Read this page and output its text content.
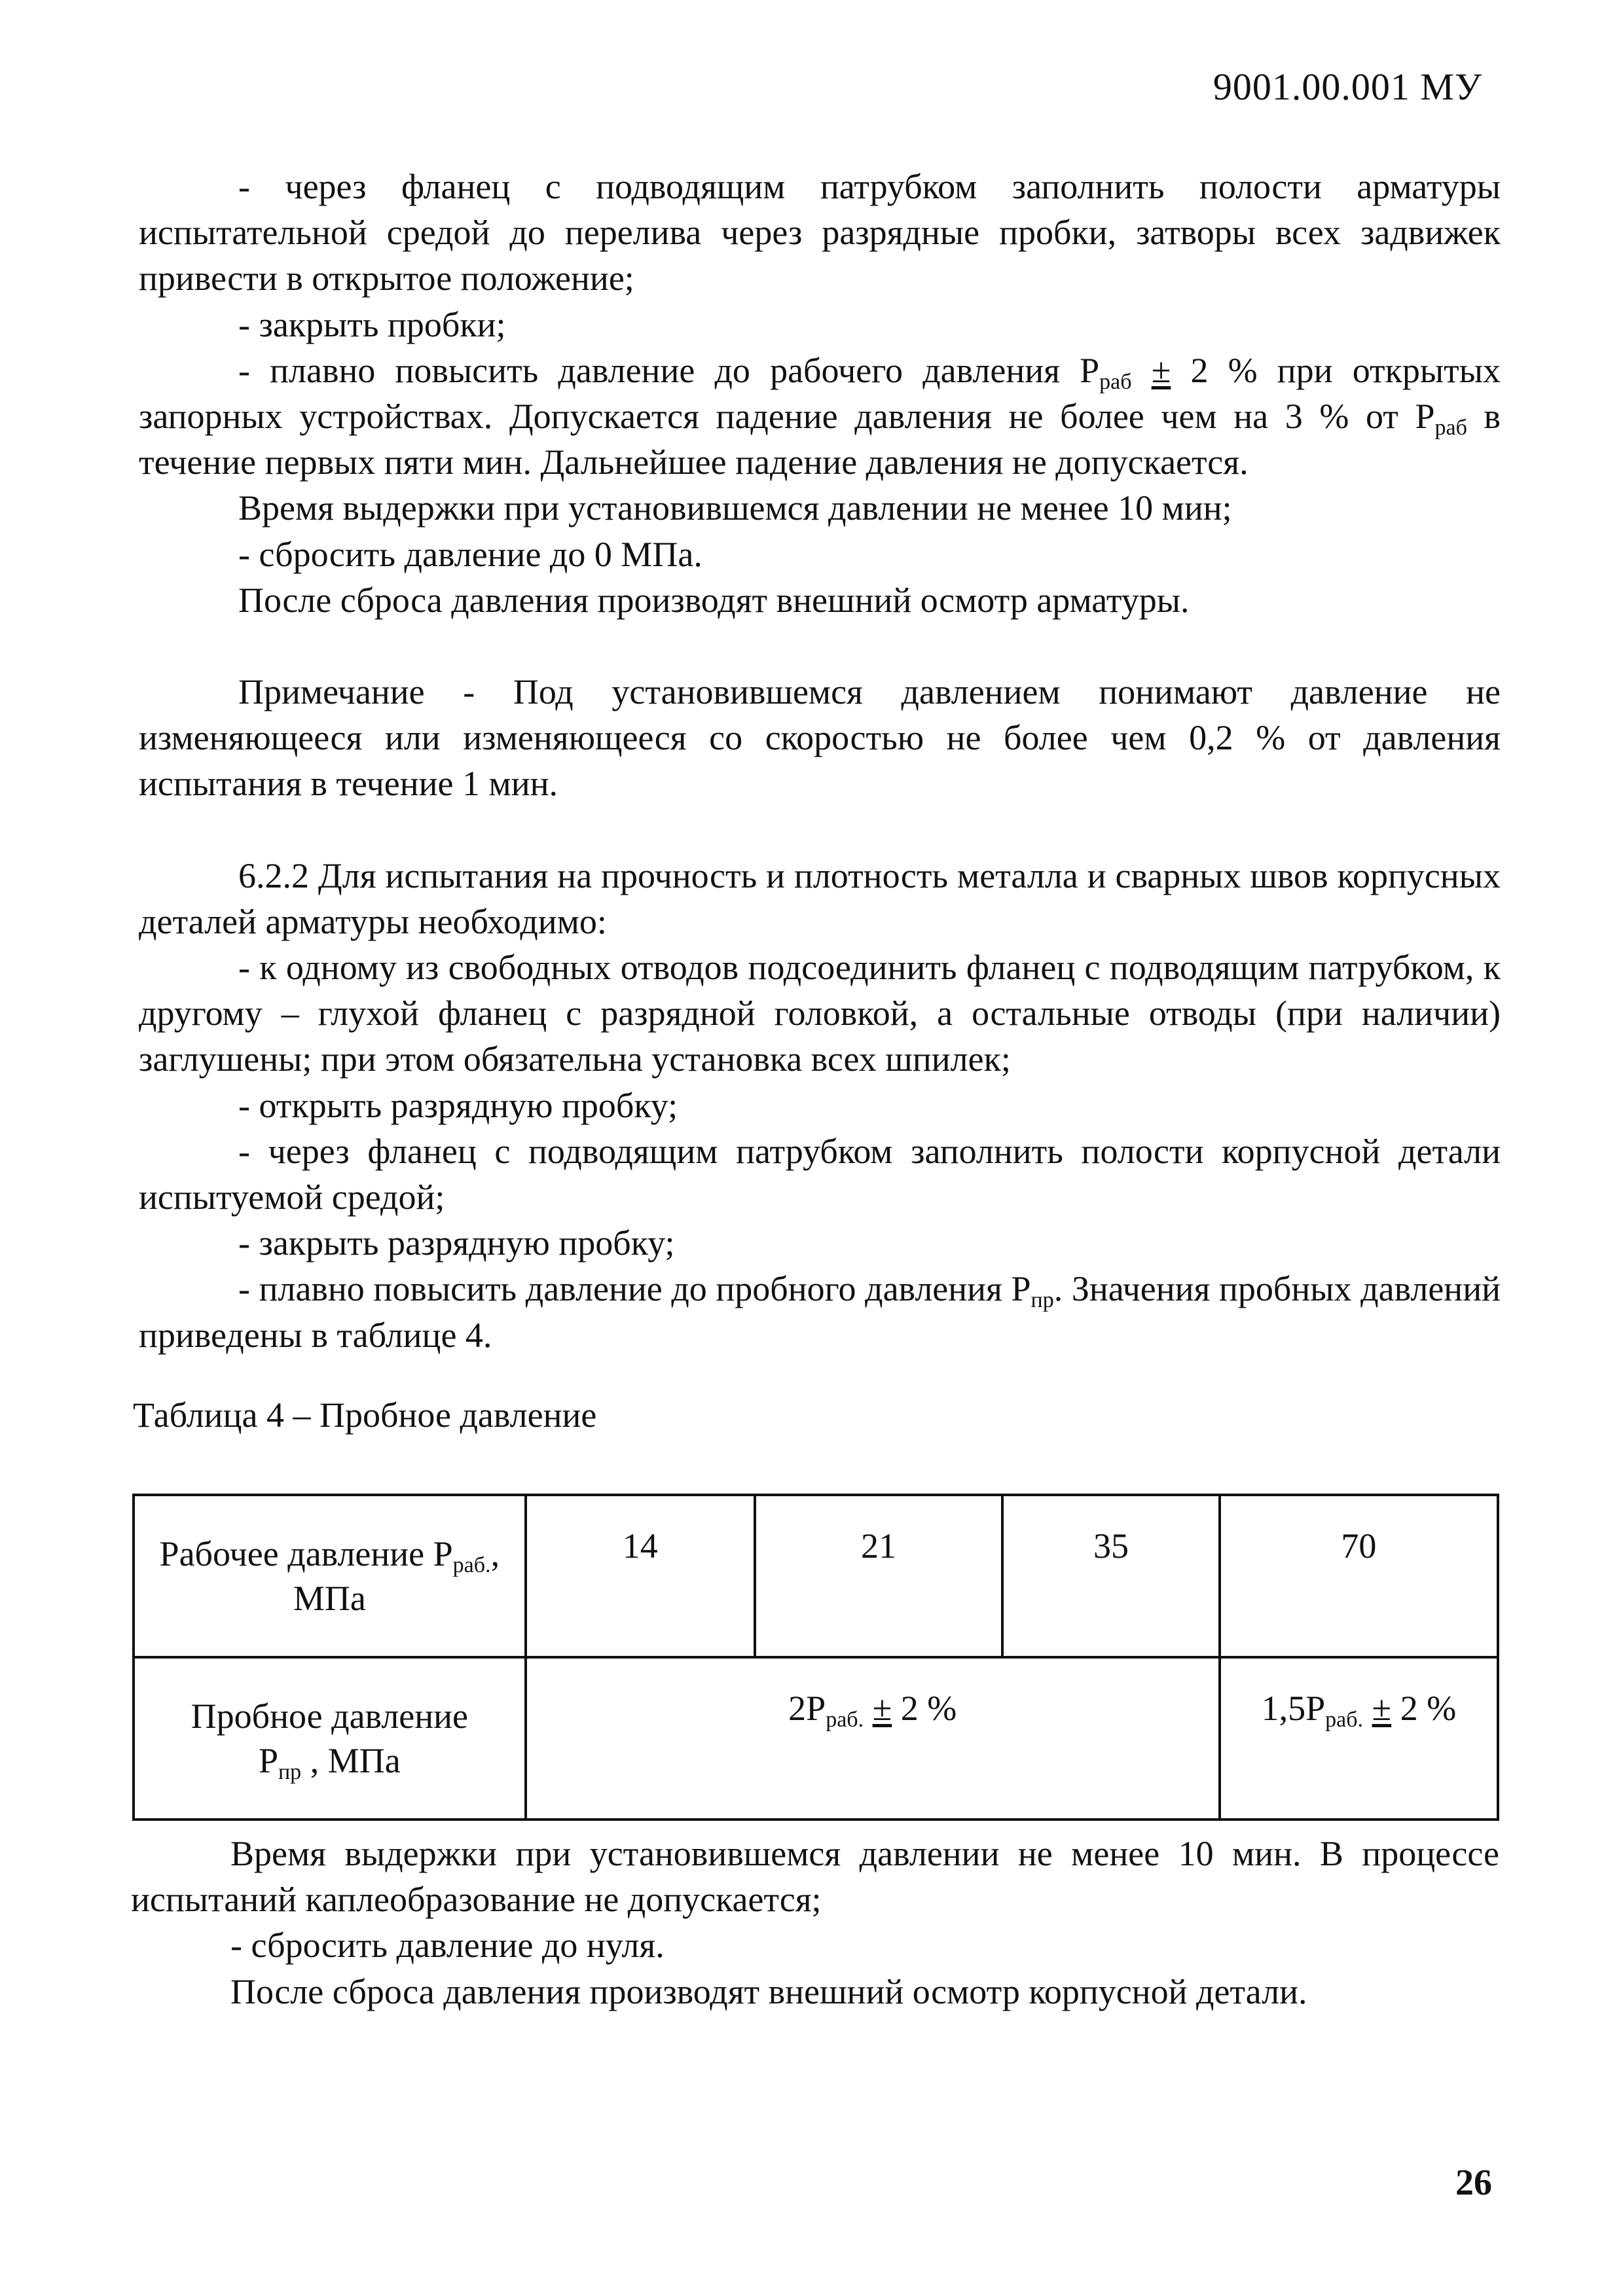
9001.00.001 МУ

- через фланец с подводящим патрубком заполнить полости арматуры испытательной средой до перелива через разрядные пробки, затворы всех задвижек привести в открытое положение;

- закрыть пробки;

- плавно повысить давление до рабочего давления $P_{раб} \pm 2$ % при открытых запорных устройствах. Допускается падение давления не более чем на 3 % от $P_{раб}$ в течение первых пяти мин. Дальнейшее падение давления не допускается.

Время выдержки при установившемся давлении не менее 10 мин;

- сбросить давление до 0 МПа.

После сброса давления производят внешний осмотр арматуры.

Примечание - Под установившемся давлением понимают давление не изменяющееся или изменяющееся со скоростью не более чем 0,2 % от давления испытания в течение 1 мин.

6.2.2 Для испытания на прочность и плотность металла и сварных швов корпусных деталей арматуры необходимо:

- к одному из свободных отводов подсоединить фланец с подводящим патрубком, к другому – глухой фланец с разрядной головкой, а остальные отводы (при наличии) заглушены; при этом обязательна установка всех шпилек;

- открыть разрядную пробку;

- через фланец с подводящим патрубком заполнить полости корпусной детали испытуемой средой;

- закрыть разрядную пробку;

- плавно повысить давление до пробного давления $P_{пр}$. Значения пробных давлений приведены в таблице 4.

Таблица 4 – Пробное давление
Рабочее давление $P_{раб.}$,
МПа	14	21	35	70
Пробное давление
$P_{пр}$ , МПа	$2P_{раб.} \pm 2$ %			$1,5P_{раб.} \pm 2$ %

Время выдержки при установившемся давлении не менее 10 мин. В процессе испытаний каплеобразование не допускается;

- сбросить давление до нуля.

После сброса давления производят внешний осмотр корпусной детали.

26
